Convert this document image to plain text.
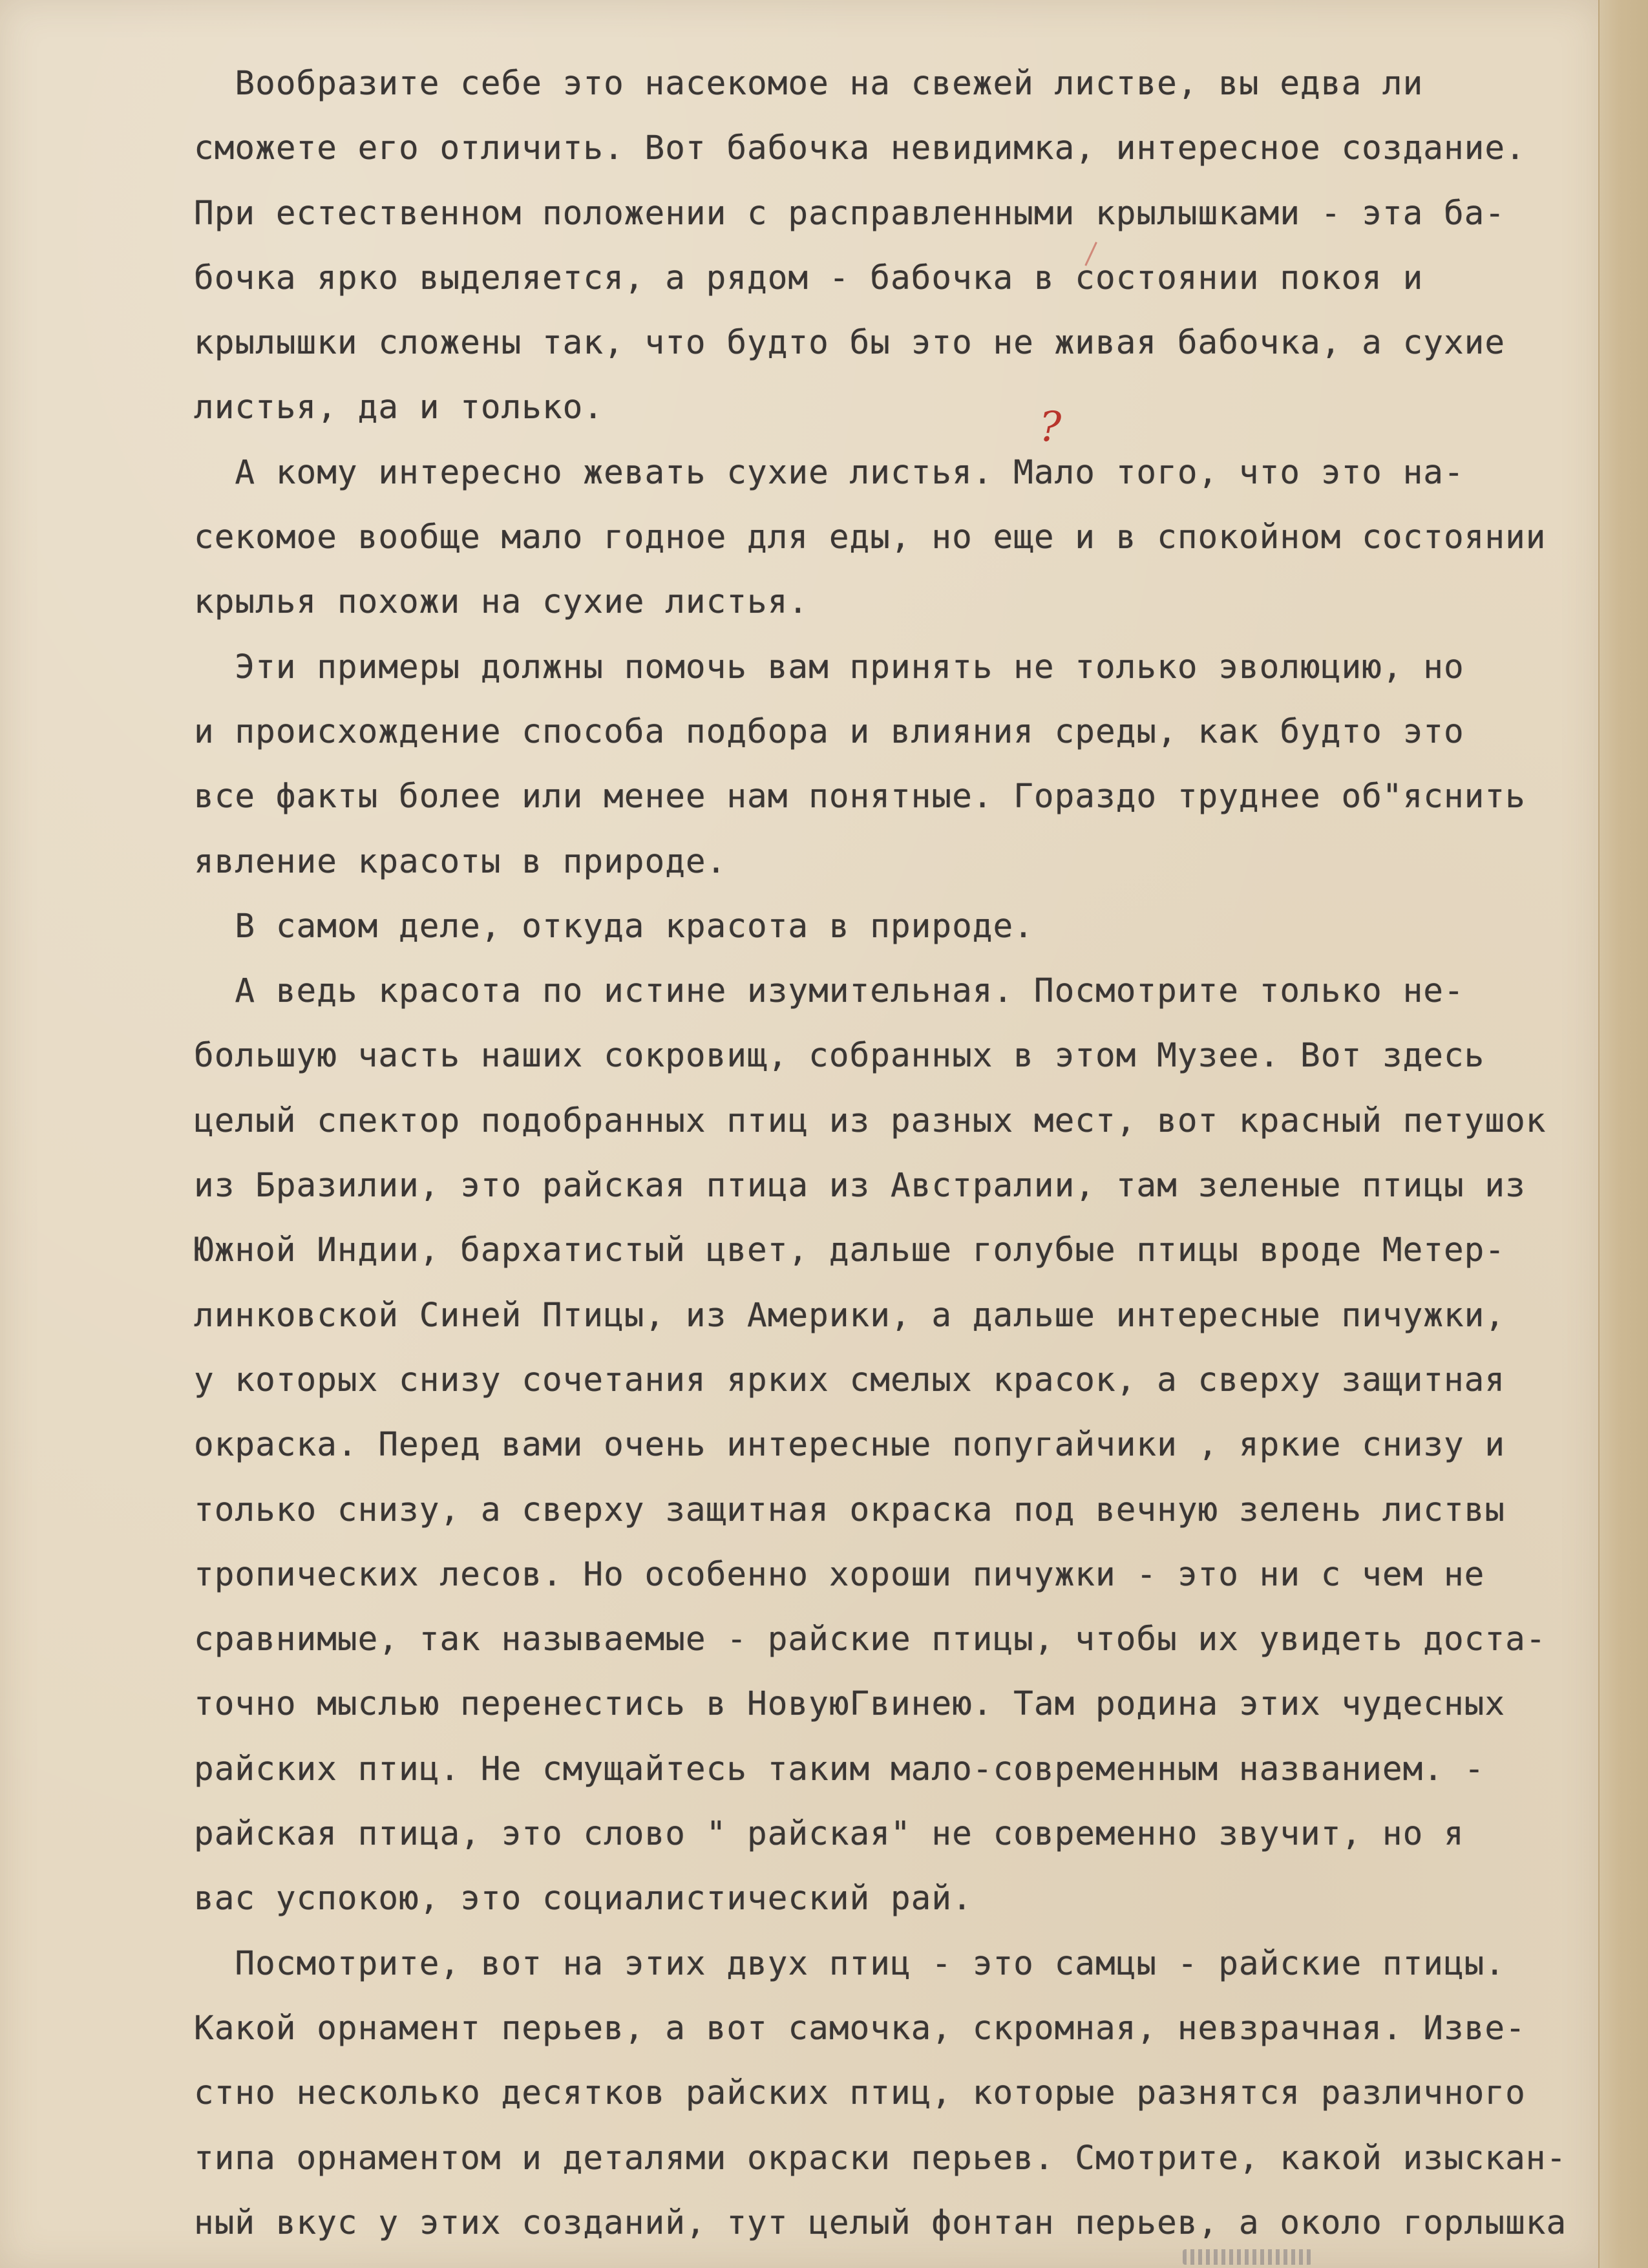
Вообразите себе это насекомое на свежей листве, вы едва ли
сможете его отличить. Вот бабочка невидимка, интересное создание.
При естественном положении с расправленными крылышками - эта ба-
бочка ярко выделяется, а рядом - бабочка в состоянии покоя и
крылышки сложены так, что будто бы это не живая бабочка, а сухие
листья, да и только.
А кому интересно жевать сухие листья. Мало того, что это на-
секомое вообще мало годное для еды, но еще и в спокойном состоянии
крылья похожи на сухие листья.
Эти примеры должны помочь вам принять не только эволюцию, но
и происхождение способа подбора и влияния среды, как будто это
все факты более или менее нам понятные. Гораздо труднее об"яснить
явление красоты в природе.
В самом деле, откуда красота в природе.
А ведь красота по истине изумительная. Посмотрите только не-
большую часть наших сокровищ, собранных в этом Музее. Вот здесь
целый спектор подобранных птиц из разных мест, вот красный петушок
из Бразилии, это райская птица из Австралии, там зеленые птицы из
Южной Индии, бархатистый цвет, дальше голубые птицы вроде Метер-
линковской Синей Птицы, из Америки, а дальше интересные пичужки,
у которых снизу сочетания ярких смелых красок, а сверху защитная
окраска. Перед вами очень интересные попугайчики , яркие снизу и
только снизу, а сверху защитная окраска под вечную зелень листвы
тропических лесов. Но особенно хороши пичужки - это ни с чем не
сравнимые, так называемые - райские птицы, чтобы их увидеть доста-
точно мыслью перенестись в НовуюГвинею. Там родина этих чудесных
райских птиц. Не смущайтесь таким мало-современным названием. -
райская птица, это слово " райская" не современно звучит, но я
вас успокою, это социалистический рай.
Посмотрите, вот на этих двух птиц - это самцы - райские птицы.
Какой орнамент перьев, а вот самочка, скромная, невзрачная. Изве-
стно несколько десятков райских птиц, которые разнятся различного
типа орнаментом и деталями окраски перьев. Смотрите, какой изыскан-
ный вкус у этих созданий, тут целый фонтан перьев, а около горлышка
?
